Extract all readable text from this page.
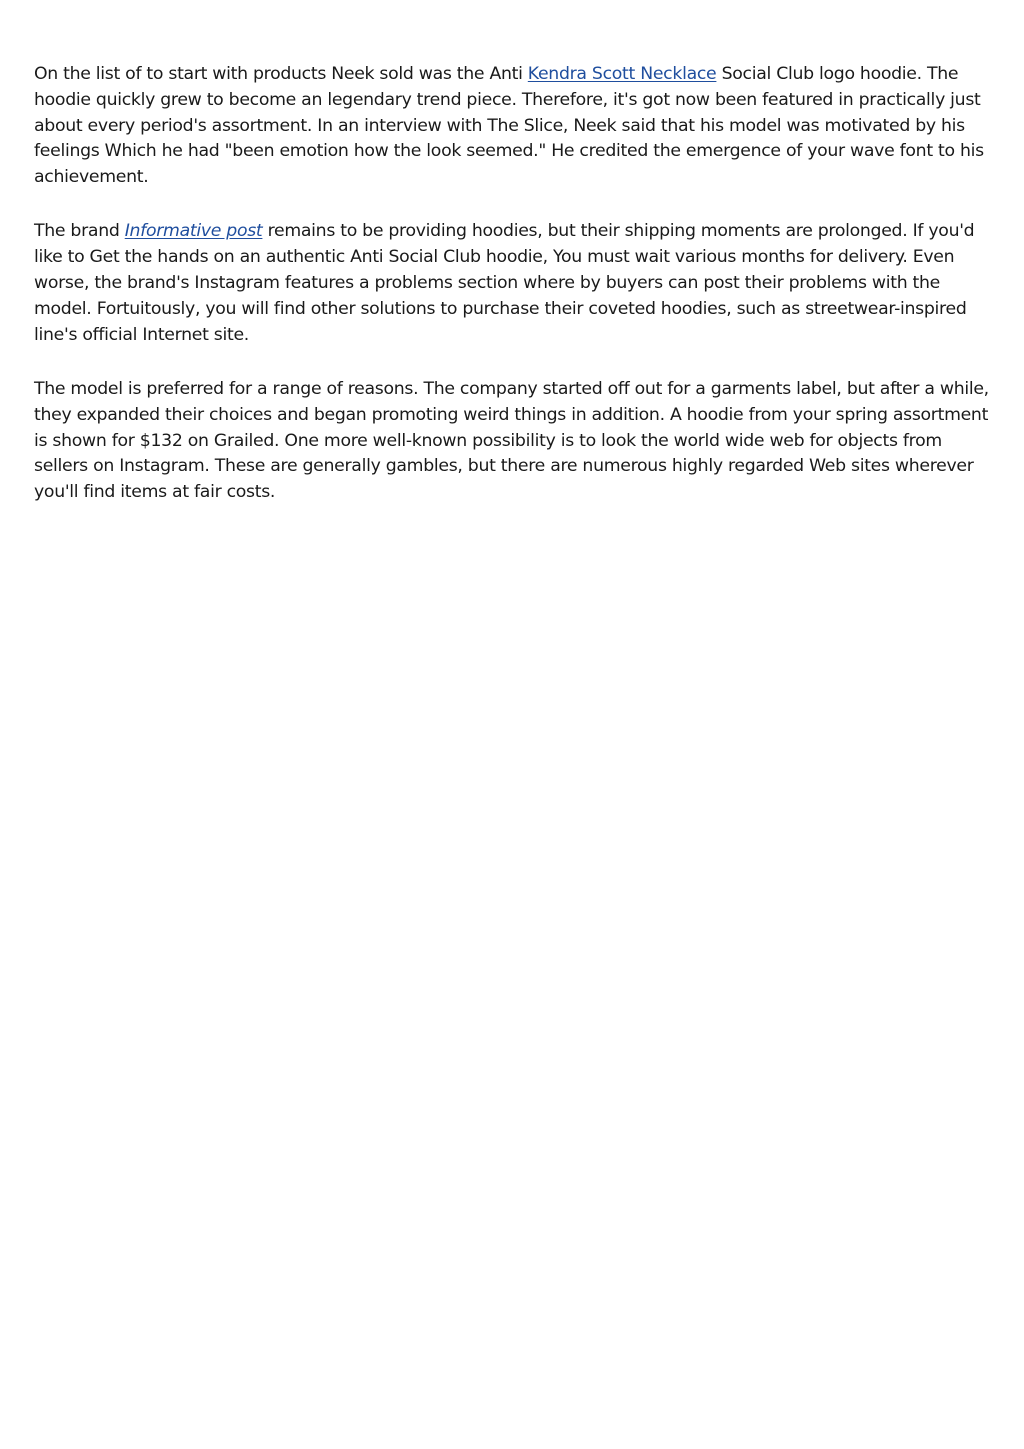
On the list of to start with products Neek sold was the Anti Kendra Scott Necklace Social Club logo hoodie. The hoodie quickly grew to become an legendary trend piece. Therefore, it's got now been featured in practically just about every period's assortment. In an interview with The Slice, Neek said that his model was motivated by his feelings Which he had "been emotion how the look seemed." He credited the emergence of your wave font to his achievement.

The brand Informative post remains to be providing hoodies, but their shipping moments are prolonged. If you'd like to Get the hands on an authentic Anti Social Club hoodie, You must wait various months for delivery. Even worse, the brand's Instagram features a problems section where by buyers can post their problems with the model. Fortuitously, you will find other solutions to purchase their coveted hoodies, such as streetwear-inspired line's official Internet site.

The model is preferred for a range of reasons. The company started off out for a garments label, but after a while, they expanded their choices and began promoting weird things in addition. A hoodie from your spring assortment is shown for $132 on Grailed. One more well-known possibility is to look the world wide web for objects from sellers on Instagram. These are generally gambles, but there are numerous highly regarded Web sites wherever you'll find items at fair costs.
